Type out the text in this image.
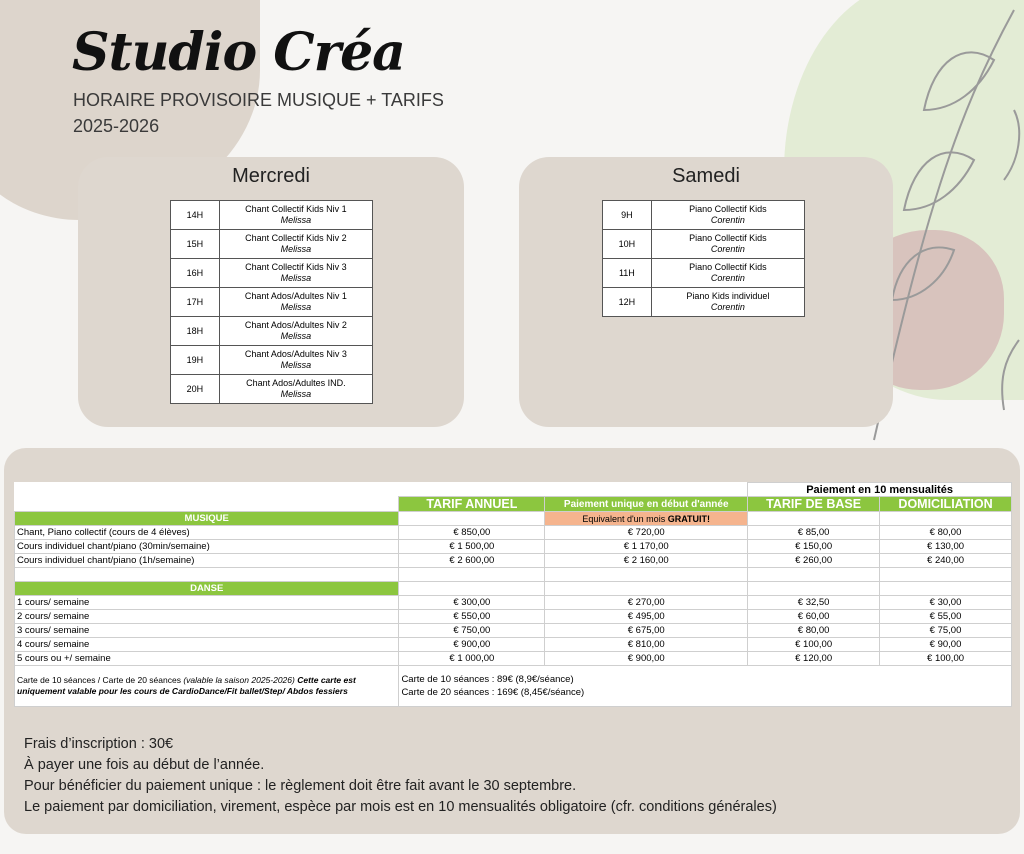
Studio Créa
HORAIRE PROVISOIRE MUSIQUE + TARIFS
2025-2026
Mercredi
14H	Chant Collectif Kids Niv 1
Melissa

15H	Chant Collectif Kids Niv 2
Melissa

16H	Chant Collectif Kids Niv 3
Melissa

17H	Chant Ados/Adultes Niv 1
Melissa

18H	Chant Ados/Adultes Niv 2
Melissa

19H	Chant Ados/Adultes Niv 3
Melissa

20H	Chant Ados/Adultes IND.
Melissa
Samedi
9H	Piano Collectif Kids
Corentin

10H	Piano Collectif Kids
Corentin

11H	Piano Collectif Kids
Corentin

12H	Piano Kids individuel
Corentin
			Paiement en 10 mensualités	
	TARIF ANNUEL	Paiement unique en début d'année	TARIF DE BASE	DOMICILIATION
MUSIQUE		Equivalent d'un mois GRATUIT!		
Chant, Piano collectif (cours de 4 élèves)	€ 850,00	€ 720,00	€ 85,00	€ 80,00
Cours individuel chant/piano (30min/semaine)	€ 1 500,00	€ 1 170,00	€ 150,00	€ 130,00
Cours individuel chant/piano (1h/semaine)	€ 2 600,00	€ 2 160,00	€ 260,00	€ 240,00

DANSE				
1 cours/ semaine	€ 300,00	€ 270,00	€ 32,50	€ 30,00
2 cours/ semaine	€ 550,00	€ 495,00	€ 60,00	€ 55,00
3 cours/ semaine	€ 750,00	€ 675,00	€ 80,00	€ 75,00
4 cours/ semaine	€ 900,00	€ 810,00	€ 100,00	€ 90,00
5 cours ou +/ semaine	€ 1 000,00	€ 900,00	€ 120,00	€ 100,00
Carte de 10 séances / Carte de 20 séances (valable la saison 2025-2026) Cette carte est uniquement valable pour les cours de CardioDance/Fit ballet/Step/ Abdos fessiers	Carte de 10 séances : 89€ (8,9€/séance)
Carte de 20 séances : 169€ (8,45€/séance)			
Frais d’inscription : 30€
À payer une fois au début de l’année.
Pour bénéficier du paiement unique : le règlement doit être fait avant le 30 septembre.
Le paiement par domiciliation, virement, espèce par mois est en 10 mensualités obligatoire (cfr. conditions générales)
